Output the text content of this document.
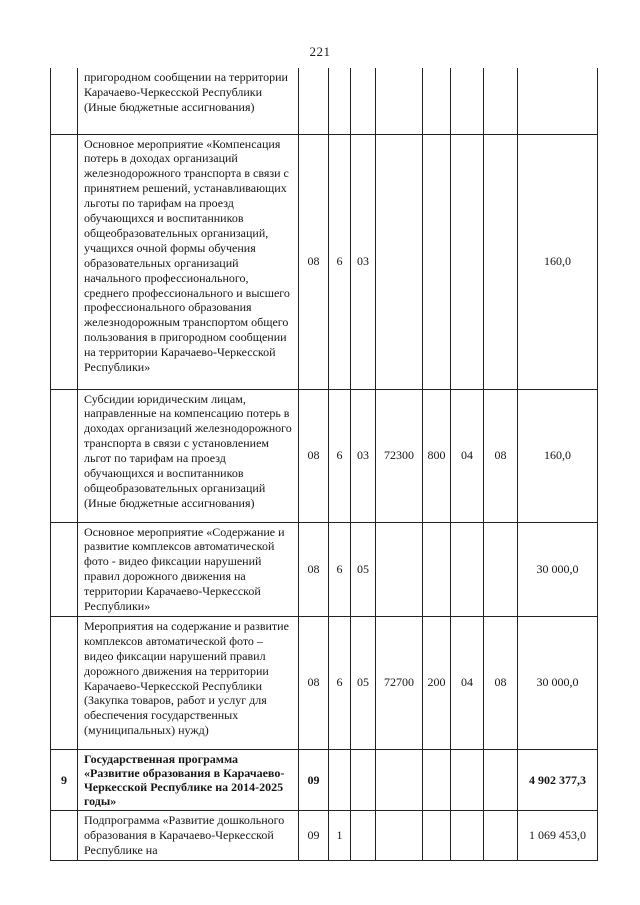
221
	пригородном сообщении на территории Карачаево-Черкесской Республики (Иные бюджетные ассигнования)								
	Основное мероприятие «Компенсация потерь в доходах организаций железнодорожного транспорта в связи с принятием решений, устанавливающих льготы по тарифам на проезд обучающихся и воспитанников общеобразовательных организаций, учащихся очной формы обучения образовательных организаций начального профессионального, среднего профессионального и высшего профессионального образования железнодорожным транспортом общего пользования в пригородном сообщении на территории Карачаево-Черкесской Республики»	08	6	03					160,0
	Субсидии юридическим лицам, направленные на компенсацию потерь в доходах организаций железнодорожного транспорта в связи с установлением льгот по тарифам на проезд обучающихся и воспитанников общеобразовательных организаций (Иные бюджетные ассигнования)	08	6	03	72300	800	04	08	160,0
	Основное мероприятие «Содержание и развитие комплексов автоматической фото - видео фиксации нарушений правил дорожного движения на территории Карачаево-Черкесской Республики»	08	6	05					30 000,0
	Мероприятия на содержание и развитие комплексов автоматической фото – видео фиксации нарушений правил дорожного движения на территории Карачаево-Черкесской Республики (Закупка товаров, работ и услуг для обеспечения государственных (муниципальных) нужд)	08	6	05	72700	200	04	08	30 000,0
9	Государственная программа «Развитие образования в Карачаево-Черкесской Республике на 2014-2025 годы»	09							4 902 377,3
	Подпрограмма «Развитие дошкольного образования в Карачаево-Черкесской Республике на	09	1						1 069 453,0
